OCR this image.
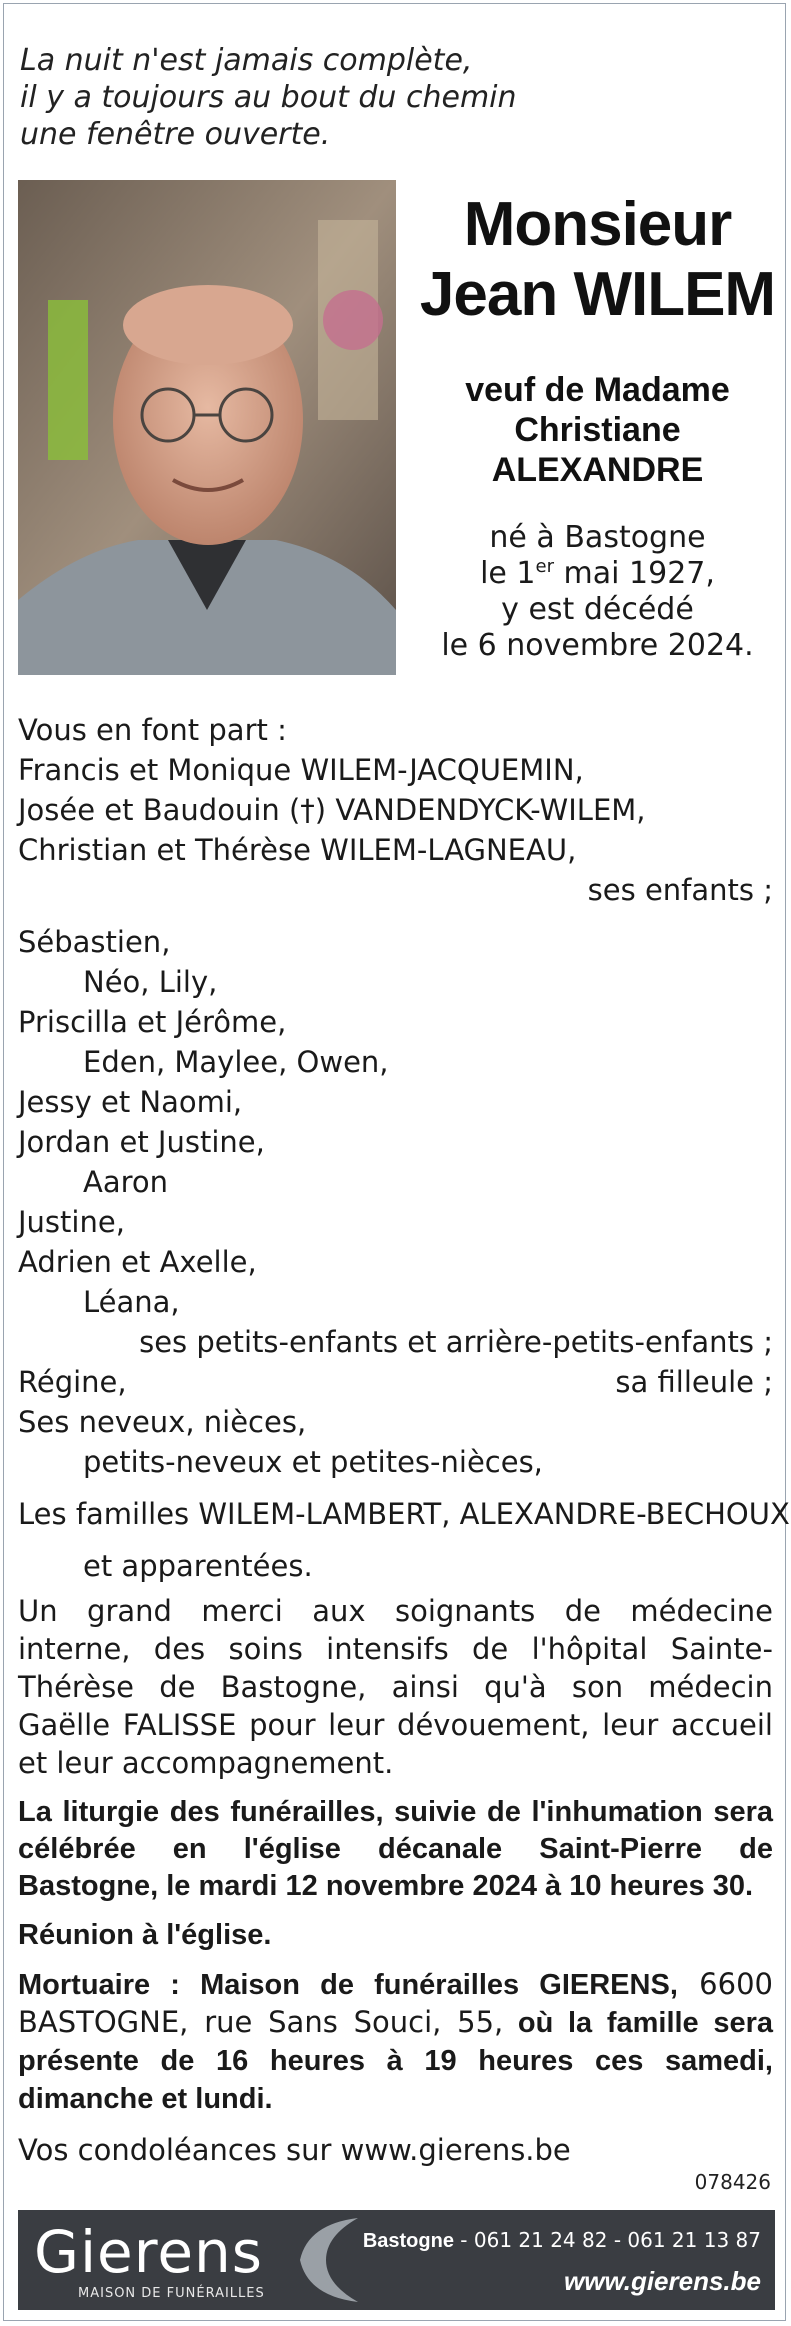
La nuit n'est jamais complète,
il y a toujours au bout du chemin
une fenêtre ouverte.
Monsieur
Jean WILEM
veuf de Madame
Christiane ALEXANDRE
né à Bastogne
le 1er mai 1927,
y est décédé
le 6 novembre 2024.
Vous en font part :
Francis et Monique WILEM-JACQUEMIN,
Josée et Baudouin (†) VANDENDYCK-WILEM,
Christian et Thérèse WILEM-LAGNEAU,
ses enfants ;
Sébastien,
Néo, Lily,
Priscilla et Jérôme,
Eden, Maylee, Owen,
Jessy et Naomi,
Jordan et Justine,
Aaron
Justine,
Adrien et Axelle,
Léana,
ses petits-enfants et arrière-petits-enfants ;
Régine,	sa filleule ;
Ses neveux, nièces,
petits-neveux et petites-nièces,
Les familles WILEM-LAMBERT, ALEXANDRE-BECHOUX
et apparentées.
Un grand merci aux soignants de médecine interne, des soins intensifs de l'hôpital Sainte-Thérèse de Bastogne, ainsi qu'à son médecin Gaëlle FALISSE pour leur dévouement, leur accueil et leur accompagnement.
La liturgie des funérailles, suivie de l'inhumation sera célébrée en l'église décanale Saint-Pierre de Bastogne, le mardi 12 novembre 2024 à 10 heures 30.
Réunion à l'église.
Mortuaire : Maison de funérailles GIERENS, 6600 BASTOGNE, rue Sans Souci, 55, où la famille sera présente de 16 heures à 19 heures ces samedi, dimanche et lundi.
Vos condoléances sur www.gierens.be
078426
Gierens
MAISON DE FUNÉRAILLES
Bastogne - 061 21 24 82 - 061 21 13 87
www.gierens.be
